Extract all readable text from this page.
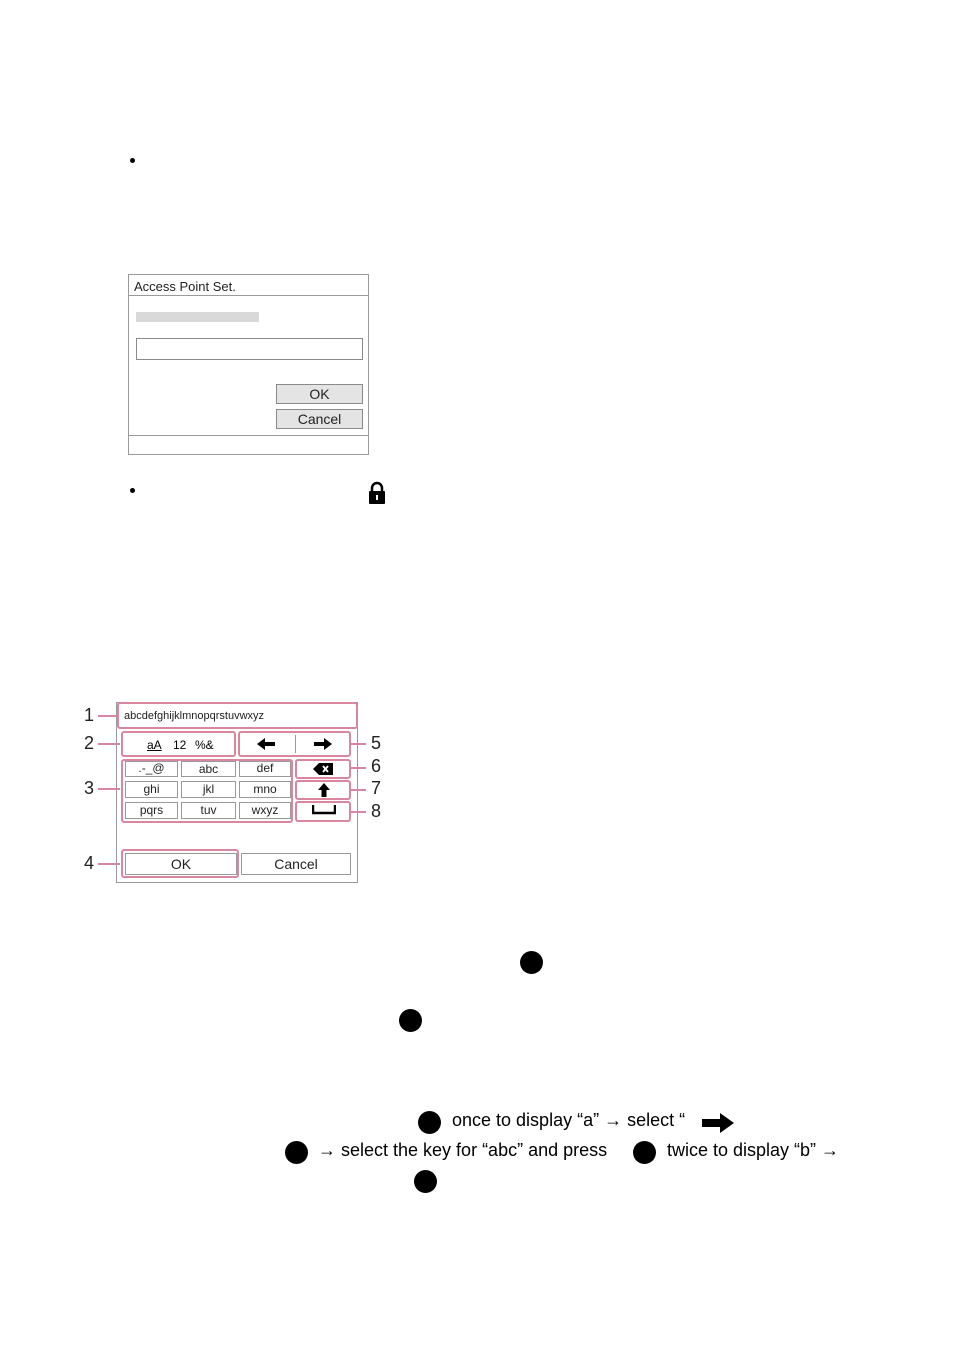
Access Point Set.
OK
Cancel
abcdefghijklmnopqrstuvwxyz
aA 12 %&
.-_@	abc	def
ghi	jkl	mno
pqrs	tuv	wxyz
OK	Cancel
1
2
3
4
5
6
7
8
once to display “a” → select “
→ select the key for “abc” and press	twice to display “b” →
